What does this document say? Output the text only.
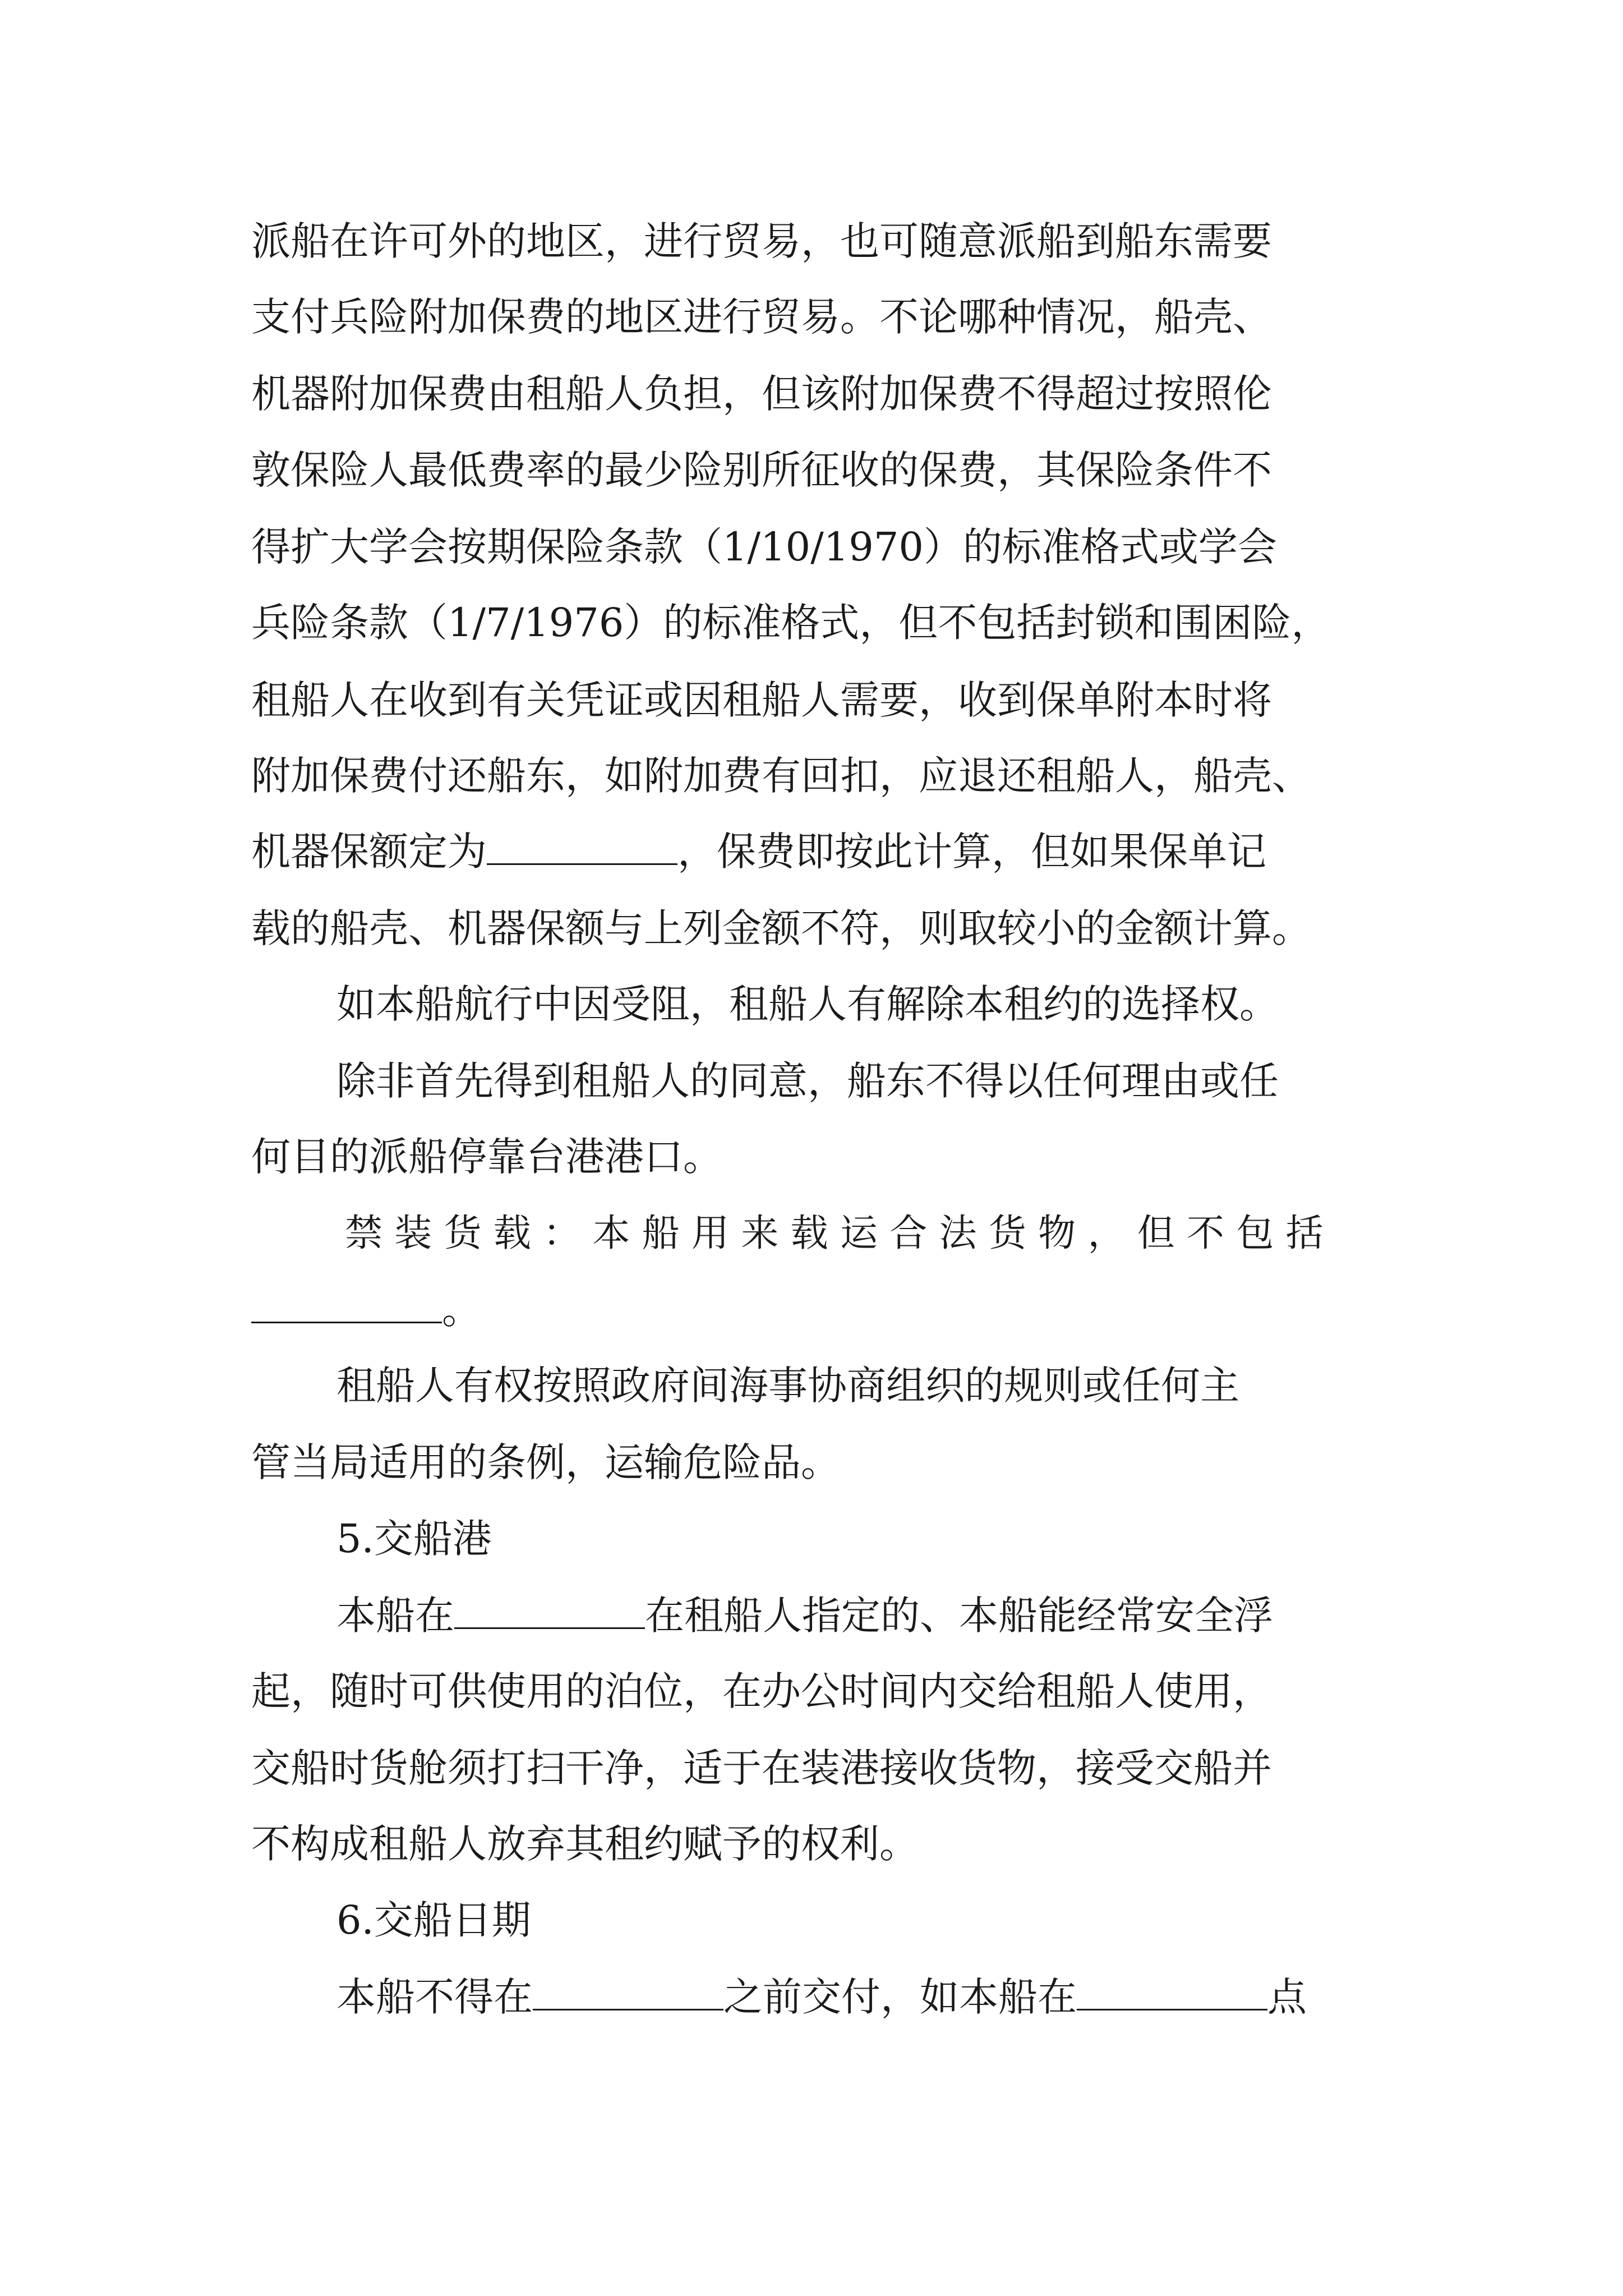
派船在许可外的地区，进行贸易，也可随意派船到船东需要
支付兵险附加保费的地区进行贸易。不论哪种情况，船壳、
机器附加保费由租船人负担，但该附加保费不得超过按照伦
敦保险人最低费率的最少险别所征收的保费，其保险条件不
得扩大学会按期保险条款（1/10/1970）的标准格式或学会
兵险条款（1/7/1976）的标准格式，但不包括封锁和围困险，
租船人在收到有关凭证或因租船人需要，收到保单附本时将
附加保费付还船东，如附加费有回扣，应退还租船人，船壳、
机器保额定为	，保费即按此计算，但如果保单记
载的船壳、机器保额与上列金额不符，则取较小的金额计算。
如本船航行中因受阻，租船人有解除本租约的选择权。
除非首先得到租船人的同意，船东不得以任何理由或任
何目的派船停靠台港港口。
禁 装 货 载 ： 本 船 用 来 载 运 合 法 货 物 ， 但 不 包 括
。
租船人有权按照政府间海事协商组织的规则或任何主
管当局适用的条例，运输危险品。
5.交船港
本船在	在租船人指定的、本船能经常安全浮
起，随时可供使用的泊位，在办公时间内交给租船人使用，
交船时货舱须打扫干净，适于在装港接收货物，接受交船并
不构成租船人放弃其租约赋予的权利。
6.交船日期
本船不得在	之前交付，如本船在	点
